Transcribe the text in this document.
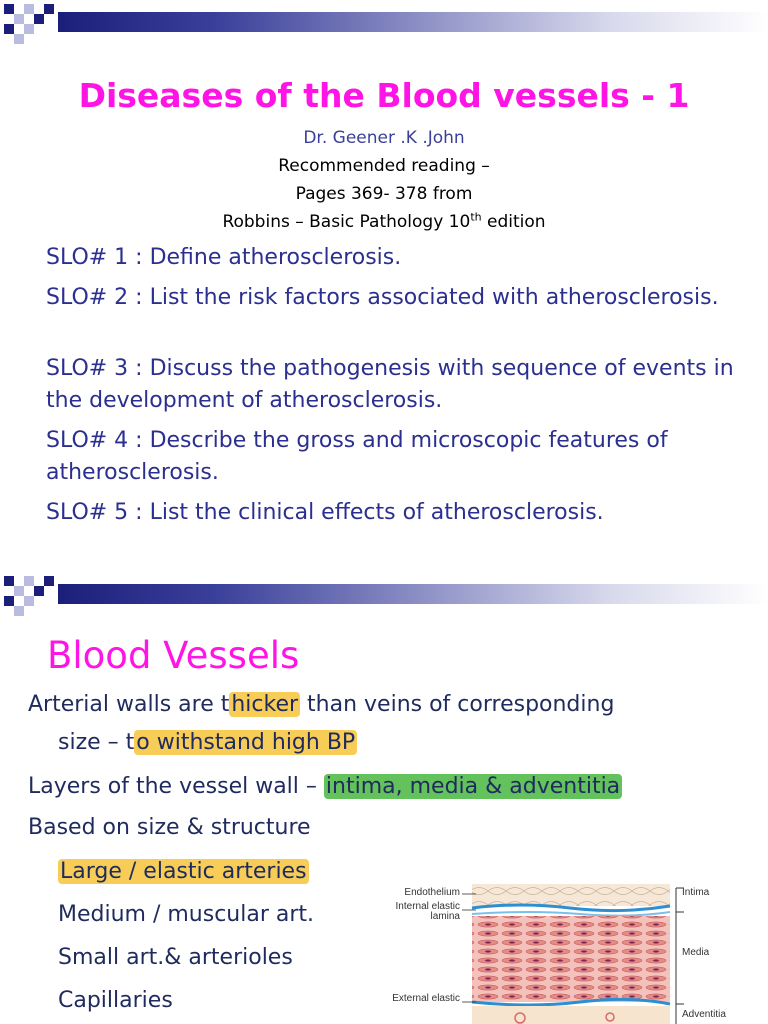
Diseases of the Blood vessels - 1
Dr. Geener .K .John
Recommended reading –
Pages 369- 378 from
Robbins – Basic Pathology 10th edition
SLO# 1 : Define atherosclerosis.
SLO# 2 : List the risk factors associated with atherosclerosis.
SLO# 3 : Discuss the pathogenesis with sequence of events in the development of atherosclerosis.
SLO# 4 : Describe the gross and microscopic features of atherosclerosis.
SLO# 5 : List the clinical effects of atherosclerosis.
Blood Vessels
Arterial walls are thicker than veins of corresponding
size – to withstand high BP
Layers of the vessel wall – intima, media & adventitia
Based on size & structure
Large / elastic arteries
Medium / muscular art.
Small art.& arterioles
Capillaries
Endothelium
Internal elastic lamina
External elastic
Intima
Media
Adventitia
